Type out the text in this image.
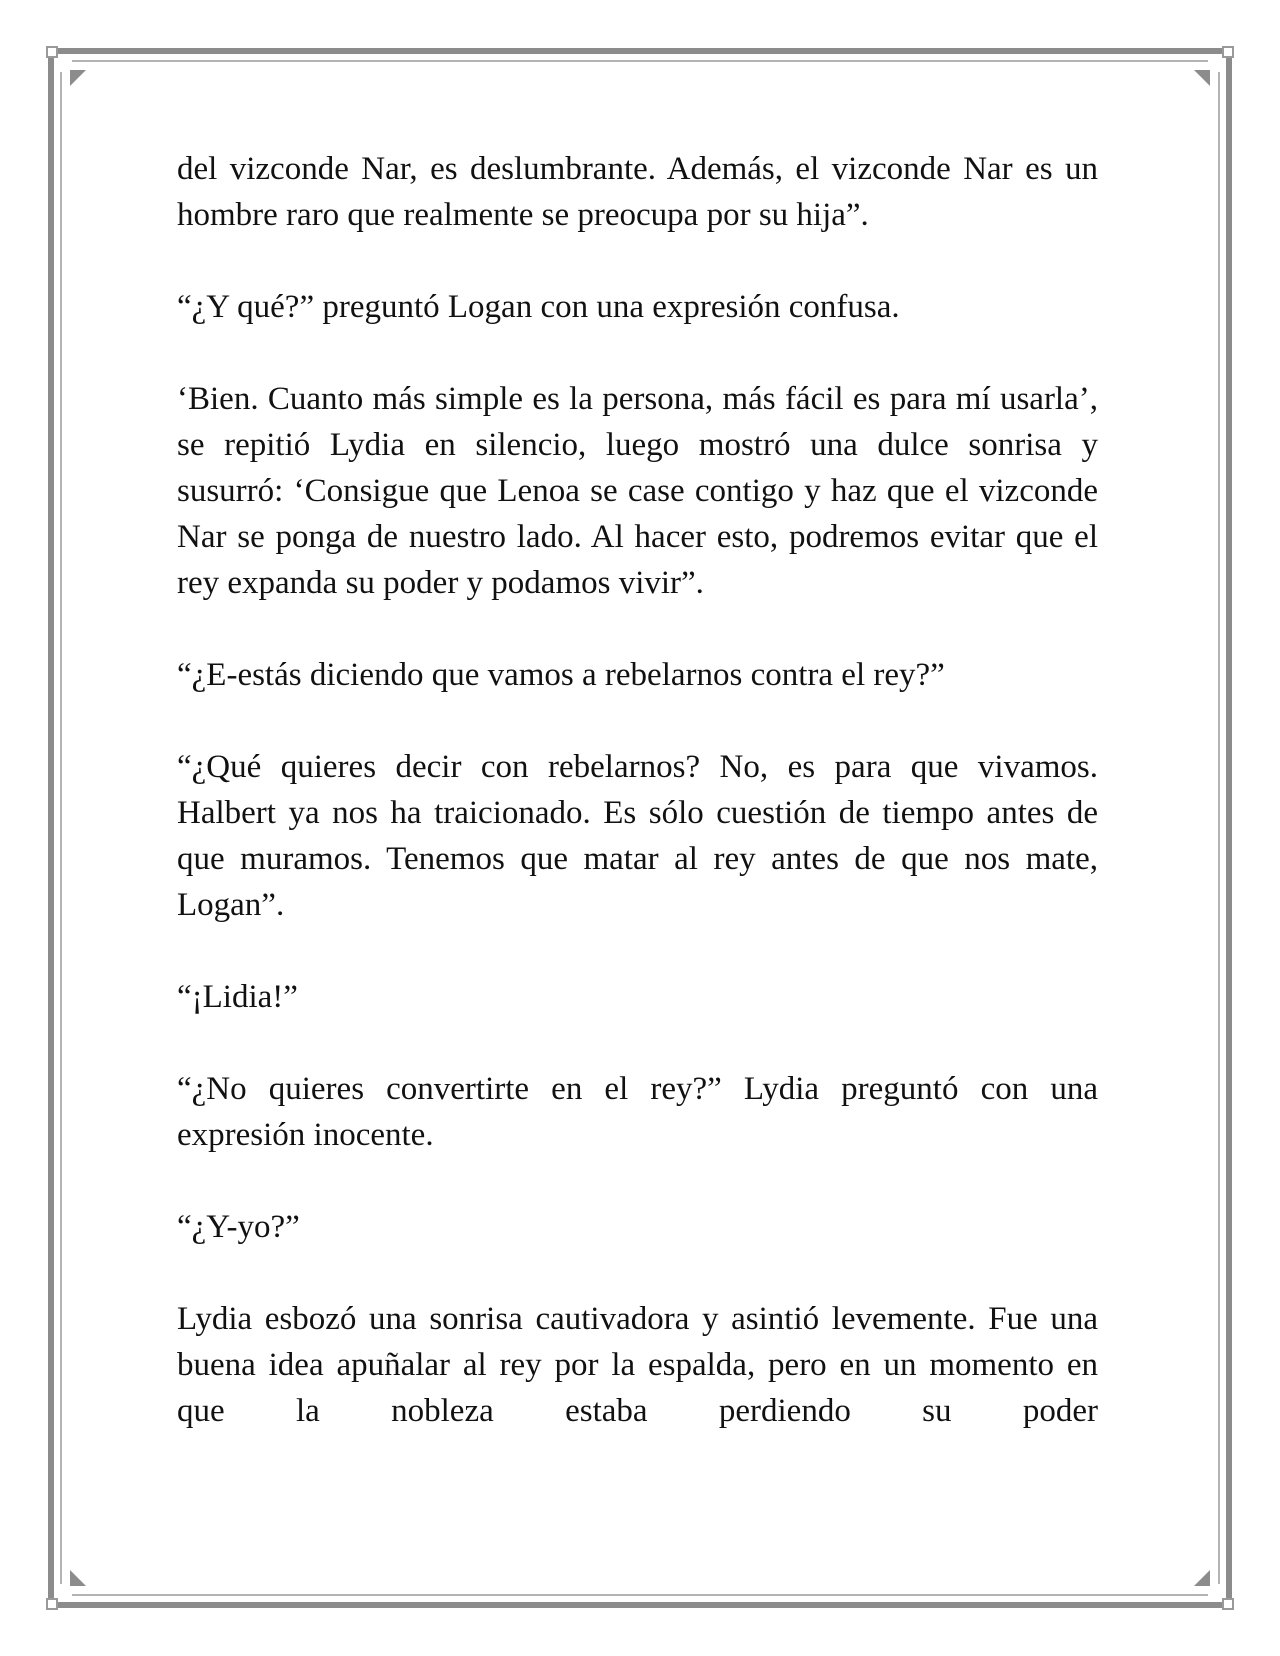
del vizconde Nar, es deslumbrante. Además, el vizconde Nar es un hombre raro que realmente se preocupa por su hija”.

“¿Y qué?” preguntó Logan con una expresión confusa.

‘Bien. Cuanto más simple es la persona, más fácil es para mí usarla’, se repitió Lydia en silencio, luego mostró una dulce sonrisa y susurró: ‘Consigue que Lenoa se case contigo y haz que el vizconde Nar se ponga de nuestro lado. Al hacer esto, podremos evitar que el rey expanda su poder y podamos vivir”.

“¿E-estás diciendo que vamos a rebelarnos contra el rey?”

“¿Qué quieres decir con rebelarnos? No, es para que vivamos. Halbert ya nos ha traicionado. Es sólo cuestión de tiempo antes de que muramos. Tenemos que matar al rey antes de que nos mate, Logan”.

“¡Lidia!”

“¿No quieres convertirte en el rey?” Lydia preguntó con una expresión inocente.

“¿Y-yo?”

Lydia esbozó una sonrisa cautivadora y asintió levemente. Fue una buena idea apuñalar al rey por la espalda, pero en un momento en que la nobleza estaba perdiendo su poder
